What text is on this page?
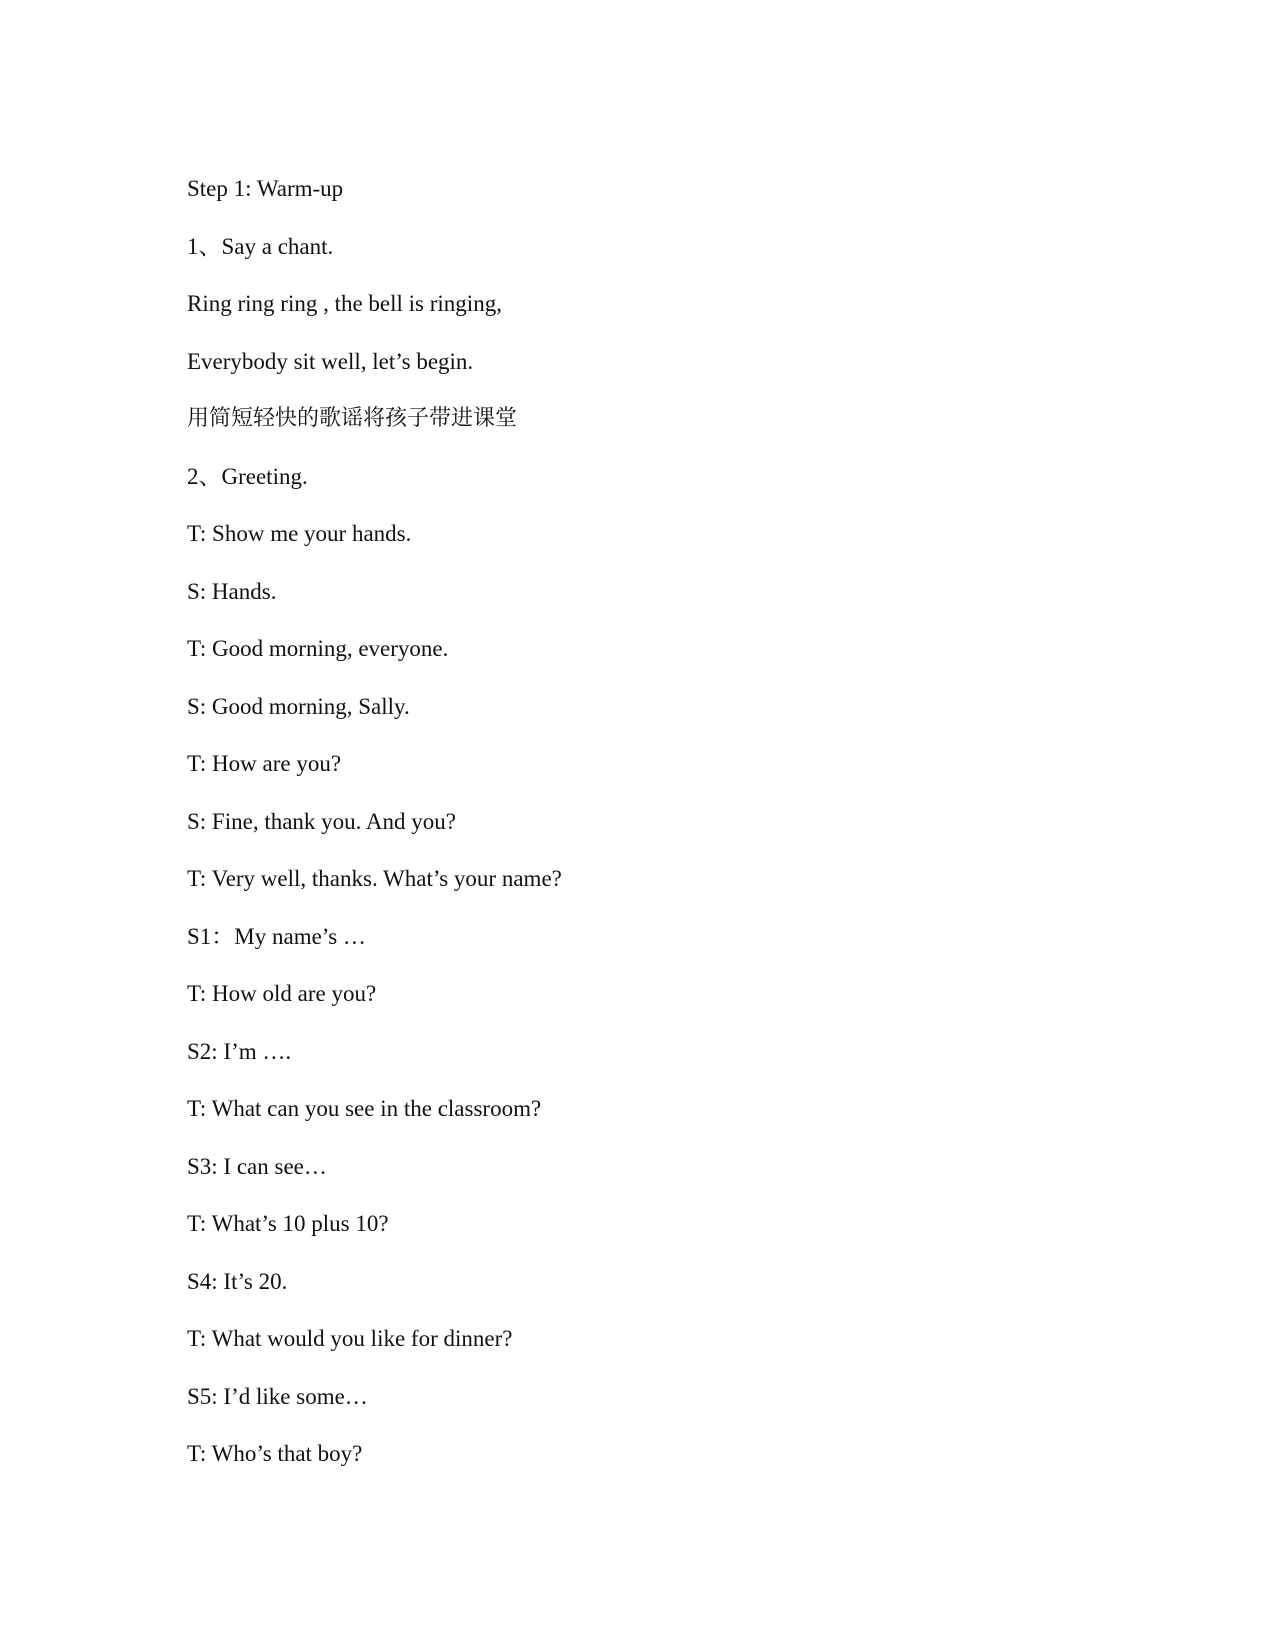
Step 1: Warm-up
1、Say a chant.
Ring ring ring , the bell is ringing,
Everybody sit well, let’s begin.
用简短轻快的歌谣将孩子带进课堂
2、Greeting.
T: Show me your hands.
S: Hands.
T: Good morning, everyone.
S: Good morning, Sally.
T: How are you?
S: Fine, thank you. And you?
T: Very well, thanks. What’s your name?
S1：My name’s …
T: How old are you?
S2: I’m ….
T: What can you see in the classroom?
S3: I can see…
T: What’s 10 plus 10?
S4: It’s 20.
T: What would you like for dinner?
S5: I’d like some…
T: Who’s that boy?
